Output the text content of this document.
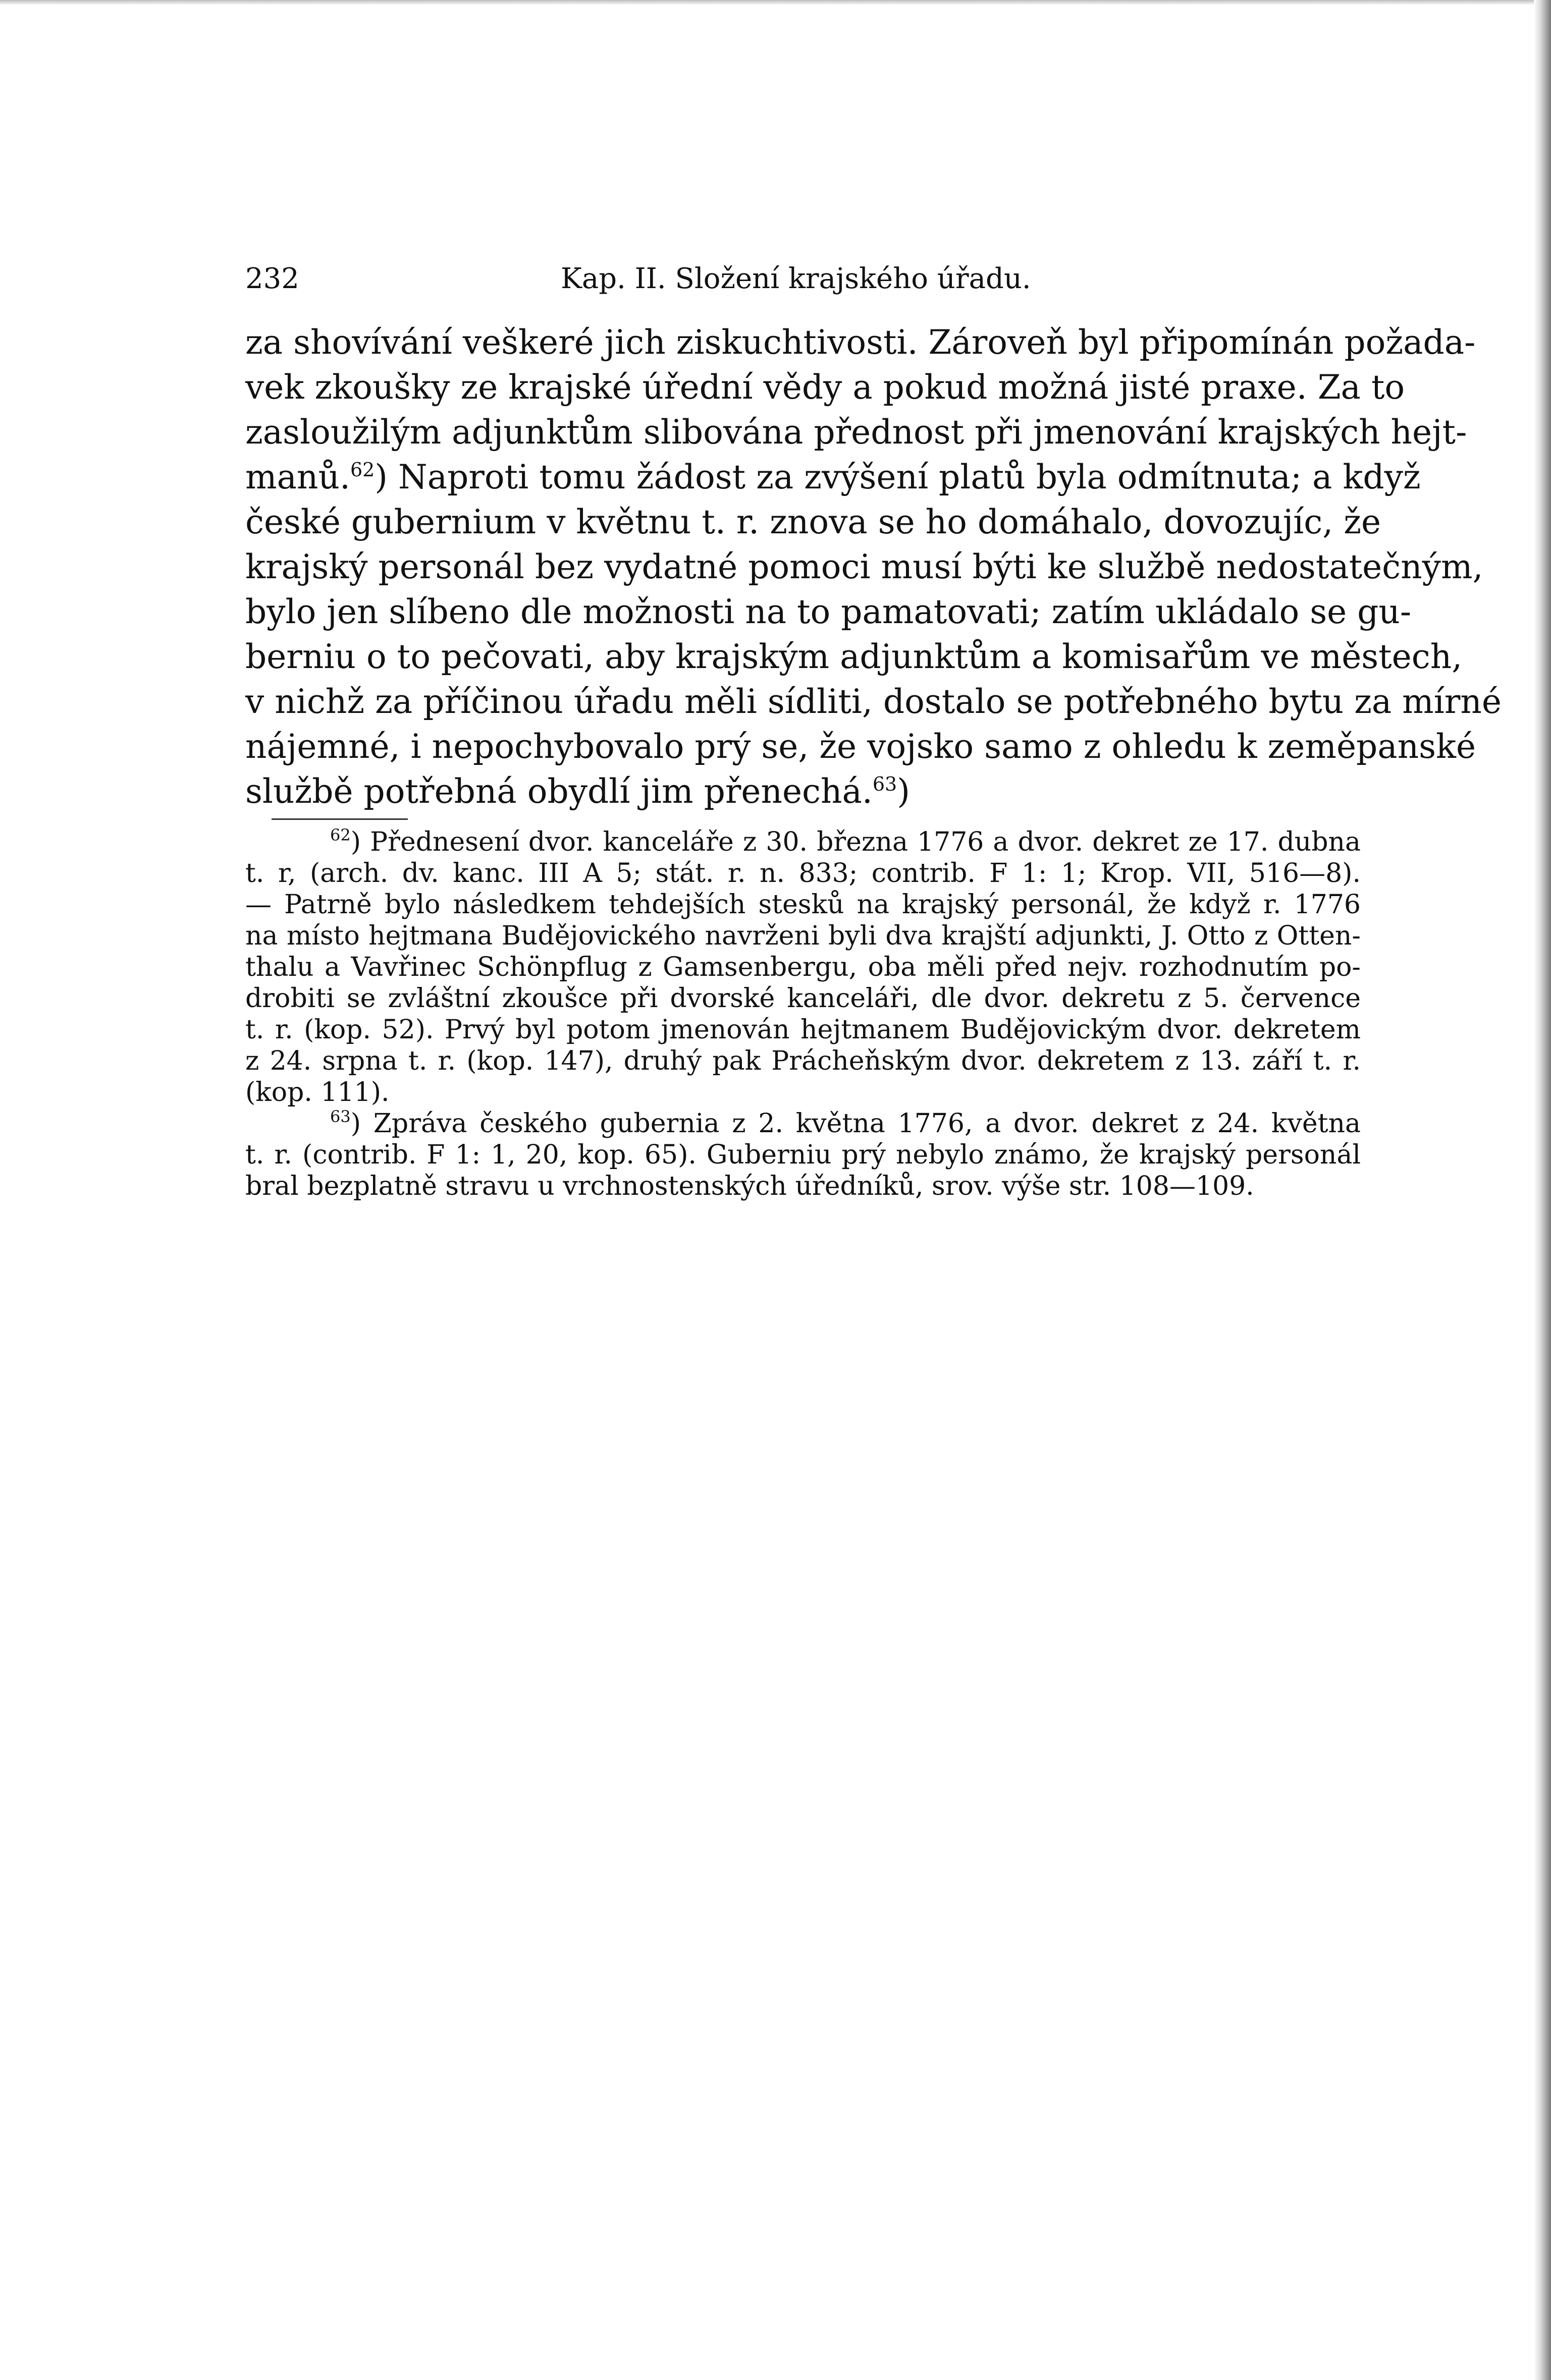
232	Kap. II. Složení krajského úřadu.
za shovívání veškeré jich ziskuchtivosti. Zároveň byl připomínán požada-
vek zkoušky ze krajské úřední vědy a pokud možná jisté praxe. Za to
zasloužilým adjunktům slibována přednost při jmenování krajských hejt-
manů.$^{62}$) Naproti tomu žádost za zvýšení platů byla odmítnuta; a když
české gubernium v květnu t. r. znova se ho domáhalo, dovozujíc, že
krajský personál bez vydatné pomoci musí býti ke službě nedostatečným,
bylo jen slíbeno dle možnosti na to pamatovati; zatím ukládalo se gu-
berniu o to pečovati, aby krajským adjunktům a komisařům ve městech,
v nichž za příčinou úřadu měli sídliti, dostalo se potřebného bytu za mírné
nájemné, i nepochybovalo prý se, že vojsko samo z ohledu k zeměpanské
službě potřebná obydlí jim přenechá.$^{63}$)
$^{62}$) Přednesení dvor. kanceláře z 30. března 1776 a dvor. dekret ze 17. dubna
t. r, (arch. dv. kanc. III A 5; stát. r. n. 833; contrib. F 1: 1; Krop. VII, 516—8).
— Patrně bylo následkem tehdejších stesků na krajský personál, že když r. 1776
na místo hejtmana Budějovického navrženi byli dva krajští adjunkti, J. Otto z Otten-
thalu a Vavřinec Schönpflug z Gamsenbergu, oba měli před nejv. rozhodnutím po-
drobiti se zvláštní zkoušce při dvorské kanceláři, dle dvor. dekretu z 5. července
t. r. (kop. 52). Prvý byl potom jmenován hejtmanem Budějovickým dvor. dekretem
z 24. srpna t. r. (kop. 147), druhý pak Prácheňským dvor. dekretem z 13. září t. r.
(kop. 111).
$^{63}$) Zpráva českého gubernia z 2. května 1776, a dvor. dekret z 24. května
t. r. (contrib. F 1: 1, 20, kop. 65). Guberniu prý nebylo známo, že krajský personál
bral bezplatně stravu u vrchnostenských úředníků, srov. výše str. 108—109.
